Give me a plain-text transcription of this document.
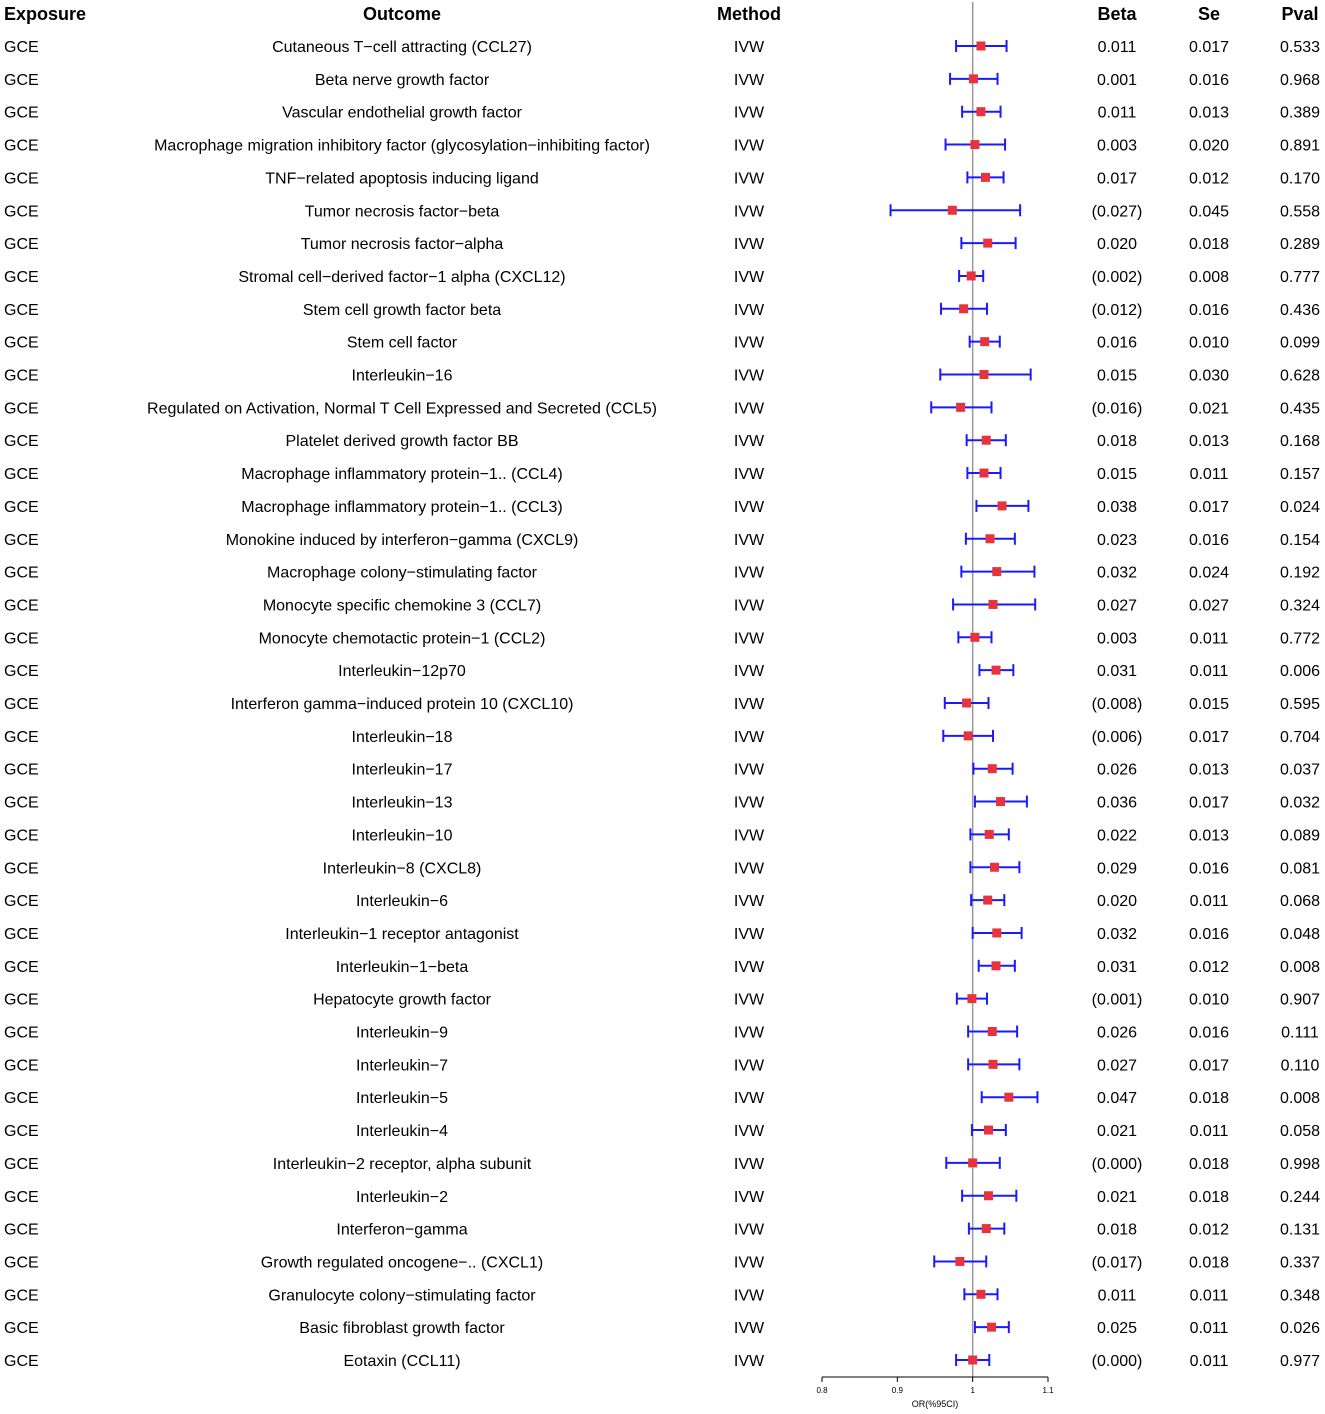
Exposure	Outcome	Method	Beta	Se	Pval
GCE	Cutaneous T−cell attracting (CCL27)	IVW	0.011	0.017	0.533
GCE	Beta nerve growth factor	IVW	0.001	0.016	0.968
GCE	Vascular endothelial growth factor	IVW	0.011	0.013	0.389
GCE	Macrophage migration inhibitory factor (glycosylation−inhibiting factor)	IVW	0.003	0.020	0.891
GCE	TNF−related apoptosis inducing ligand	IVW	0.017	0.012	0.170
GCE	Tumor necrosis factor−beta	IVW	(0.027)	0.045	0.558
GCE	Tumor necrosis factor−alpha	IVW	0.020	0.018	0.289
GCE	Stromal cell−derived factor−1 alpha (CXCL12)	IVW	(0.002)	0.008	0.777
GCE	Stem cell growth factor beta	IVW	(0.012)	0.016	0.436
GCE	Stem cell factor	IVW	0.016	0.010	0.099
GCE	Interleukin−16	IVW	0.015	0.030	0.628
GCE	Regulated on Activation, Normal T Cell Expressed and Secreted (CCL5)	IVW	(0.016)	0.021	0.435
GCE	Platelet derived growth factor BB	IVW	0.018	0.013	0.168
GCE	Macrophage inflammatory protein−1.. (CCL4)	IVW	0.015	0.011	0.157
GCE	Macrophage inflammatory protein−1.. (CCL3)	IVW	0.038	0.017	0.024
GCE	Monokine induced by interferon−gamma (CXCL9)	IVW	0.023	0.016	0.154
GCE	Macrophage colony−stimulating factor	IVW	0.032	0.024	0.192
GCE	Monocyte specific chemokine 3 (CCL7)	IVW	0.027	0.027	0.324
GCE	Monocyte chemotactic protein−1 (CCL2)	IVW	0.003	0.011	0.772
GCE	Interleukin−12p70	IVW	0.031	0.011	0.006
GCE	Interferon gamma−induced protein 10 (CXCL10)	IVW	(0.008)	0.015	0.595
GCE	Interleukin−18	IVW	(0.006)	0.017	0.704
GCE	Interleukin−17	IVW	0.026	0.013	0.037
GCE	Interleukin−13	IVW	0.036	0.017	0.032
GCE	Interleukin−10	IVW	0.022	0.013	0.089
GCE	Interleukin−8 (CXCL8)	IVW	0.029	0.016	0.081
GCE	Interleukin−6	IVW	0.020	0.011	0.068
GCE	Interleukin−1 receptor antagonist	IVW	0.032	0.016	0.048
GCE	Interleukin−1−beta	IVW	0.031	0.012	0.008
GCE	Hepatocyte growth factor	IVW	(0.001)	0.010	0.907
GCE	Interleukin−9	IVW	0.026	0.016	0.111
GCE	Interleukin−7	IVW	0.027	0.017	0.110
GCE	Interleukin−5	IVW	0.047	0.018	0.008
GCE	Interleukin−4	IVW	0.021	0.011	0.058
GCE	Interleukin−2 receptor, alpha subunit	IVW	(0.000)	0.018	0.998
GCE	Interleukin−2	IVW	0.021	0.018	0.244
GCE	Interferon−gamma	IVW	0.018	0.012	0.131
GCE	Growth regulated oncogene−.. (CXCL1)	IVW	(0.017)	0.018	0.337
GCE	Granulocyte colony−stimulating factor	IVW	0.011	0.011	0.348
GCE	Basic fibroblast growth factor	IVW	0.025	0.011	0.026
GCE	Eotaxin (CCL11)	IVW	(0.000)	0.011	0.977
0.8	0.9	1	1.1
OR(%95CI)
